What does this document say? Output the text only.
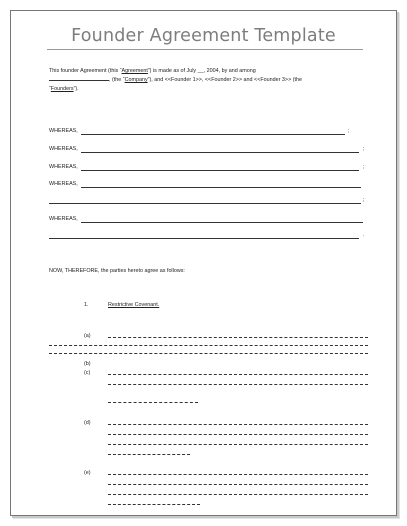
Founder Agreement Template
This founder Agreement (this “Agreement”) is made as of July __, 2004, by and among
, (the “Company”), and <<Founder 1>>, <<Founder 2>> and <<Founder 3>> (the
“Founders”).
WHEREAS,	;
WHEREAS,	;
WHEREAS,	;
WHEREAS,
;
WHEREAS,
.
NOW, THEREFORE, the parties hereto agree as follows:
1.	Restrictive Covenant.
(a)
(b)
(c)
(d)
(e)
